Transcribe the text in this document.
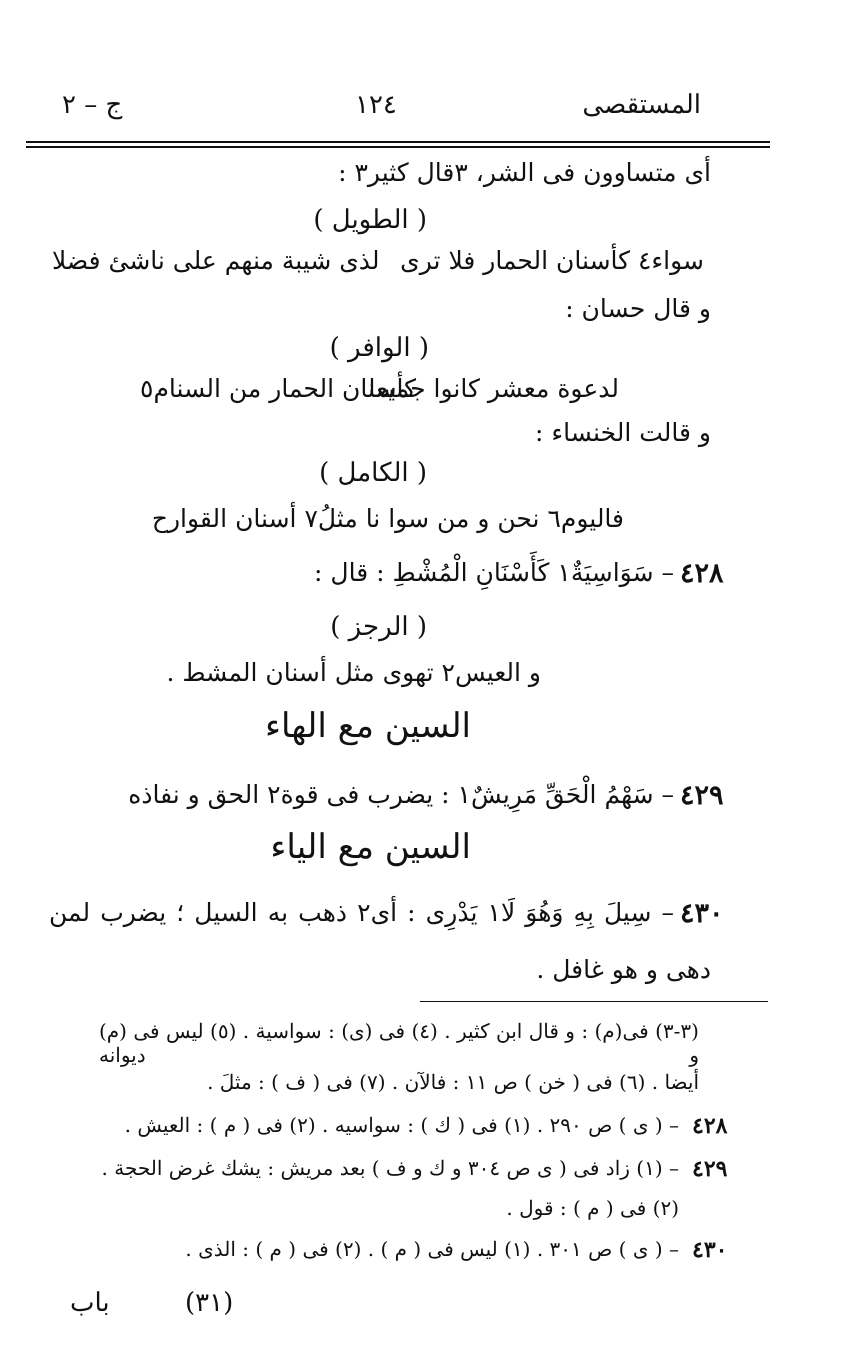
المستقصى
١٢٤
ج – ٢
أى متساوون فى الشر، ٣قال كثير٣ :
( الطويل )
سواء٤ كأسنان الحمار فلا ترى
لذى شيبة منهم على ناشئ فضلا
و قال حسان :
( الوافر )
لدعوة معشر كانوا جميعا
كأسنان الحمار من السنام٥
و قالت الخنساء :
( الكامل )
فاليوم٦ نحن و من سوا نا مثلُ٧ أسنان القوارح
٤٢٨
– سَوَاسِيَةٌ١ كَأَسْنَانِ الْمُشْطِ : قال :
( الرجز )
و العيس٢ تهوى مثل أسنان المشط .
السين مع الهاء
٤٢٩
– سَهْمُ الْحَقِّ مَرِيشٌ١ : يضرب فى قوة٢ الحق و نفاذه
السين مع الياء
٤٣٠
– سِيلَ بِهِ وَهُوَ لَا١ يَدْرِى : أى٢ ذهب به السيل ؛ يضرب لمن
دهى و هو غافل .
(٣-٣) فى(م) : و قال ابن كثير . (٤) فى (ى) : سواسية . (٥) ليس فى (م) و ديوانه
أيضا . (٦) فى ( خن ) ص ١١ : فالآن . (٧) فى ( ف ) : مثلَ .
٤٢٨
– ( ى ) ص ٢٩٠ . (١) فى ( ك ) : سواسيه . (٢) فى ( م ) : العيش .
٤٢٩
– (١) زاد فى ( ى ص ٣٠٤ و ك و ف ) بعد مريش : يشك غرض الحجة .
(٢) فى ( م ) : قول .
٤٣٠
– ( ى ) ص ٣٠١ . (١) ليس فى ( م ) . (٢) فى ( م ) : الذى .
(٣١)
باب
